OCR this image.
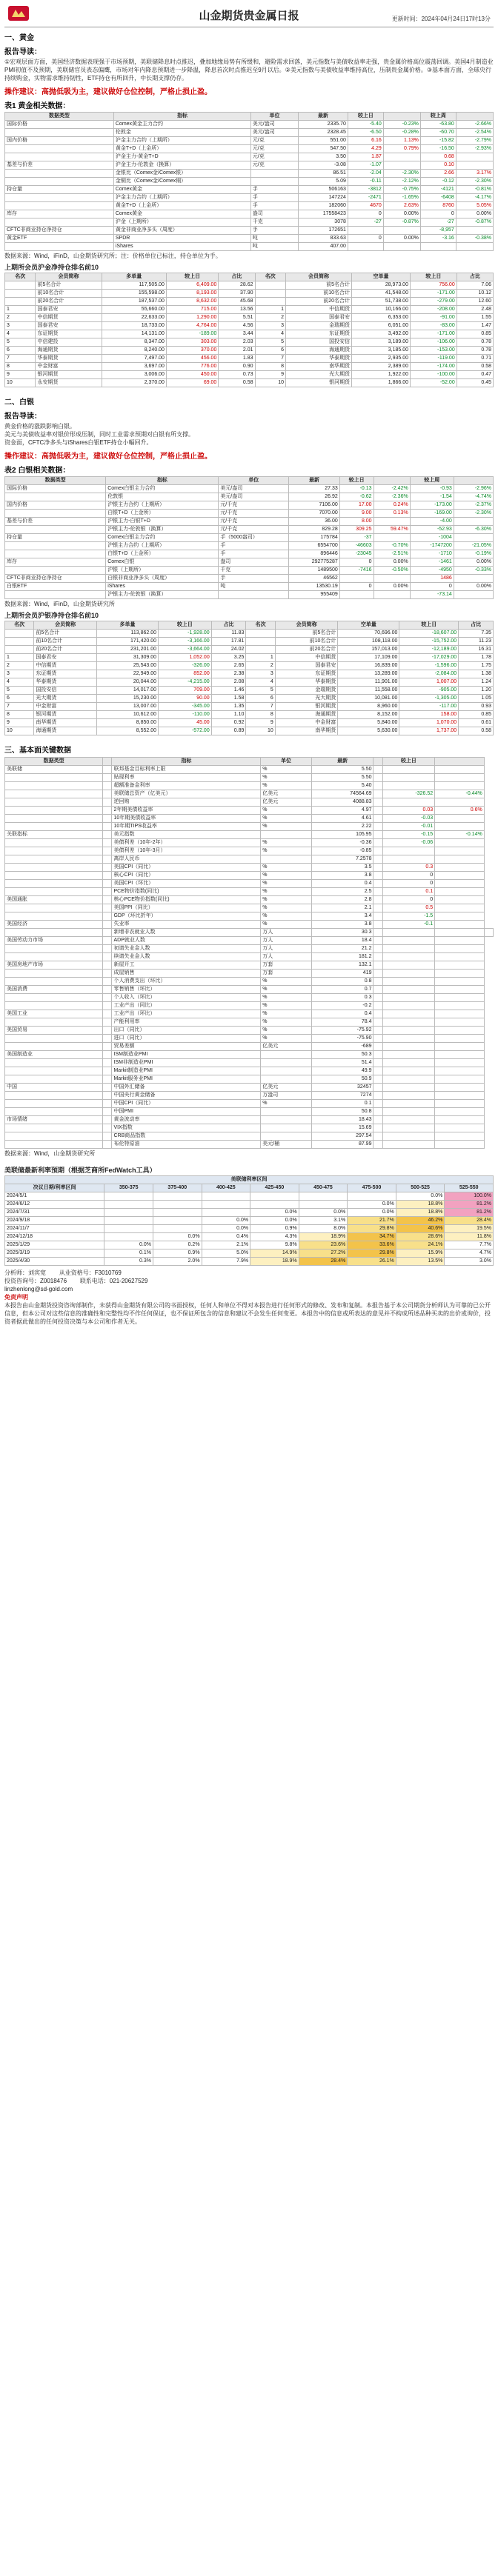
山金期货贵金属日报	更新时间：2024年04月24日17时13分
一、黄金
报告导读：

①宏观层面方面，美国经济数据表现强于市场预期，美联储降息时点推迟，叠加地缘局势有所缓和，避险需求回落，美元指数与美债收益率走强，贵金属价格高位震荡回调。美国4月制造业PMI初值不及预期，美联储官员表态偏鹰，市场对年内降息预期进一步降温，降息首次时点推迟至9月以后。②美元指数与美债收益率维持高位，压制贵金属价格。③基本面方面，全球央行持续购金，实物需求维持韧性，ETF持仓有所回升，中长期支撑仍存。

操作建议：高抛低吸为主，建议做好仓位控制，严格止损止盈。
表1 黄金相关数据：
数据类型	指标	单位	最新	较上日		较上周	
国际价格	Comex黄金主力合约	美元/盎司	2335.70	-5.40	-0.23%	-63.80	-2.66%
	伦敦金	美元/盎司	2328.45	-6.50	-0.28%	-60.70	-2.54%
国内价格	沪金主力合约（上期所）	元/克	551.00	6.16	1.13%	-15.82	-2.79%
	黄金T+D（上金所）	元/克	547.50	4.29	0.79%	-16.50	-2.93%
	沪金主力-黄金T+D	元/克	3.50	1.87		0.68	
基差与价差	沪金主力-伦敦金（换算）	元/克	-3.08	-1.07		0.10	
	金银比（Comex金/Comex银）		86.51	-2.04	-2.30%	2.66	3.17%
	金铜比（Comex金/Comex铜）		5.09	-0.11	-2.12%	-0.12	-2.30%
持仓量	Comex黄金	手	506163	-3812	-0.75%	-4121	-0.81%
	沪金主力合约（上期所）	手	147224	-2471	-1.65%	-6408	-4.17%
	黄金T+D（上金所）	手	182060	4670	2.63%	8760	5.05%
库存	Comex黄金	盎司	17558423	0	0.00%	0	0.00%
	沪金（上期所）	千克	3078	-27	-0.87%	-27	-0.87%
CFTC非商业持仓净持仓	黄金非商业净多头（周度）	手	172651			-8,957	
黄金ETF	SPDR	吨	833.63	0	0.00%	-3.16	-0.38%
	iShares	吨	407.00				

数据来源：Wind，iFinD，山金期货研究所；注：价格单位已标注，持仓单位为手。

上期所会员沪金净持仓排名前10
名次	会员简称	多单量	较上日	占比	名次	会员简称	空单量	较上日	占比
	前5名合计	117,505.00	6,409.00	28.62		前5名合计	28,973.00	756.00	7.06
	前10名合计	155,598.00	8,193.00	37.90		前10名合计	41,548.00	-171.00	10.12
	前20名合计	187,537.00	8,632.00	45.68		前20名合计	51,738.00	-279.00	12.60
1	国泰君安	55,660.00	715.00	13.56	1	中信期货	10,166.00	-208.00	2.48
2	中信期货	22,633.00	1,290.00	5.51	2	国泰君安	6,353.00	-91.00	1.55
3	国泰君安	18,733.00	4,764.00	4.56	3	金瑞期货	6,051.00	-83.00	1.47
4	东证期货	14,131.00	-189.00	3.44	4	东证期货	3,492.00	-171.00	0.85
5	中信建投	8,347.00	303.00	2.03	5	国投安信	3,189.00	-106.00	0.78
6	海通期货	8,240.00	370.00	2.01	6	海通期货	3,185.00	-153.00	0.78
7	华泰期货	7,497.00	456.00	1.83	7	华泰期货	2,935.00	-119.00	0.71
8	中金财富	3,697.00	776.00	0.90	8	南华期货	2,389.00	-174.00	0.58
9	银河期货	3,006.00	450.00	0.73	9	光大期货	1,922.00	-100.00	0.47
10	永安期货	2,370.00	69.00	0.58	10	银河期货	1,866.00	-52.00	0.45
二、白银
报告导读：

黄金价格的涨跌影响白银。
美元与美债收益率对银价形成压制，同时工业需求预期对白银有所支撑。
资金面，CFTC净多头与iShares白银ETF持仓小幅回升。

操作建议：高抛低吸为主，建议做好仓位控制，严格止损止盈。
表2 白银相关数据：
数据类型	指标	单位	最新	较上日		较上周	
国际价格	Comex白银主力合约	美元/盎司	27.33	-0.13	-2.42%	-0.93	-2.96%
	伦敦银	美元/盎司	26.92	-0.62	-2.36%	-1.54	-4.74%
国内价格	沪银主力合约（上期所）	元/千克	7106.00	17.00	0.24%	-173.00	-2.37%
	白银T+D（上金所）	元/千克	7070.00	9.00	0.13%	-169.00	-2.30%
基差与价差	沪银主力-白银T+D	元/千克	36.00	8.00		-4.00	
	沪银主力-伦敦银（换算）	元/千克	829.28	309.25	59.47%	-52.93	-6.30%
持仓量	Comex白银主力合约	手（5000盎司）	175784	-37		-1004	
	沪银主力合约（上期所）	手	6554700	-46603	-0.70%	-1747200	-21.05%
	白银T+D（上金所）	手	896446	-23045	-2.51%	-1710	-0.19%
库存	Comex白银	盎司	292775287	0	0.00%	-1461	0.00%
	沪银（上期所）	千克	1489500	-7416	-0.50%	-4950	-0.33%
CFTC非商业持仓净持仓	白银非商业净多头（周度）	手	46562			1486	
白银ETF	iShares	吨	13530.19	0	0.00%	0	0.00%
	沪银主力-伦敦银（换算）		955409			-73.14	

数据来源：Wind，iFinD，山金期货研究所

上期所会员沪银净持仓排名前10
名次	会员简称	多单量	较上日	占比	名次	会员简称	空单量	较上日	占比
	前5名合计	113,862.00	-1,928.00	11.83		前5名合计	70,696.00	-18,607.00	7.35
	前10名合计	171,420.00	-3,166.00	17.81		前10名合计	108,118.00	-15,752.00	11.23
	前20名合计	231,201.00	-3,664.00	24.02		前20名合计	157,013.00	-12,189.00	16.31
1	国泰君安	31,309.00	1,052.00	3.25	1	中信期货	17,109.00	-17,029.00	1.78
2	中信期货	25,543.00	-326.00	2.65	2	国泰君安	16,839.00	-1,596.00	1.75
3	东证期货	22,949.00	852.00	2.38	3	东证期货	13,289.00	-2,084.00	1.38
4	华泰期货	20,044.00	-4,215.00	2.08	4	华泰期货	11,901.00	1,007.00	1.24
5	国投安信	14,017.00	709.00	1.46	5	金瑞期货	11,558.00	-905.00	1.20
6	光大期货	15,230.00	90.00	1.58	6	光大期货	10,081.00	-1,305.00	1.05
7	中金财富	13,007.00	-345.00	1.35	7	银河期货	8,960.00	-117.00	0.93
8	银河期货	10,612.00	-110.00	1.10	8	海通期货	8,152.00	158.00	0.85
9	南华期货	8,850.00	45.00	0.92	9	中金财富	5,840.00	1,070.00	0.61
10	海通期货	8,552.00	-572.00	0.89	10	南华期货	5,630.00	1,737.00	0.58
三、基本面关键数据
数据类型		指标	单位	最新		较上日		
美联储		联邦基金目标利率上限	%	5.50				
		贴现利率	%	5.50				
		超额准备金利率	%	5.40				
		美联储总资产（亿美元）	亿美元	74564.69		-326.52	-0.44%	
		逆回购	亿美元	4088.83				
		2年期美债收益率	%	4.97		0.03	0.6%	
		10年期美债收益率	%	4.61		-0.03		
		10年期TIPS收益率	%	2.22		-0.01		
关联指标		美元指数		105.95		-0.15	-0.14%	
		美债利差（10年-2年）	%	-0.36		-0.06		
		美债利差（10年-3月）	%	-0.85				
		离岸人民币		7.2578				
		美国CPI（同比）	%	3.5		0.3		
		核心CPI（同比）	%	3.8		0		
		美国CPI（环比）	%	0.4		0		
		PCE物价指数(同比)	%	2.5		0.1		
美国通胀		核心PCE物价指数(同比)	%	2.8		0		
		美国PPI（同比）	%	2.1		0.5		
		GDP（环比折年）	%	3.4		-1.5		
美国经济		失业率	%	3.8		-0.1		
		新增非农就业人数	万人	30.3				
美国劳动力市场		ADP就业人数	万人	18.4				
		初请失业金人数	万人	21.2				
		续请失业金人数	万人	181.2				
美国房地产市场		新屋开工	万套	132.1				
		成屋销售	万套	419				
		个人消费支出（环比）	%	0.8				
美国消费		零售销售（环比）	%	0.7				
		个人收入（环比）	%	0.3				
		工业产出（同比）	%	-0.2				
美国工业		工业产出（环比）	%	0.4				
		产能利用率	%	78.4				
美国贸易		出口（同比）	%	-75.92				
		进口（同比）	%	-75.90				
		贸易差额	亿美元	-689				
美国制造业		ISM制造业PMI		50.3				
		ISM非制造业PMI		51.4				
		Markit制造业PMI		49.9				
		Markit服务业PMI		50.9				
中国		中国外汇储备	亿美元	32457				
		中国央行黄金储备	万盎司	7274				
		中国CPI（同比）	%	0.1				
		中国PMI		50.8				
市场情绪		黄金波动率		18.43				
		VIX指数		15.69				
		CRB商品指数		297.54				
		布伦特原油	美元/桶	87.99				

数据来源：Wind，山金期货研究所

美联储最新利率预期（根据芝商所FedWatch工具）
美联储利率区间								
决议日期/利率区间	350-375	375-400	400-425	425-450	450-475	475-500	500-525	525-550
2024/5/1							0.0%	100.0%
2024/6/12						0.0%	18.8%	81.2%
2024/7/31				0.0%	0.0%	0.0%	18.8%	81.2%
2024/9/18			0.0%	0.0%	3.1%	21.7%	46.2%	28.4%
2024/11/7			0.0%	0.9%	8.0%	29.8%	40.6%	19.5%
2024/12/18		0.0%	0.4%	4.3%	18.9%	34.7%	28.6%	11.8%
2025/1/29	0.0%	0.2%	2.1%	9.8%	23.6%	33.6%	24.1%	7.7%
2025/3/19	0.1%	0.9%	5.0%	14.9%	27.2%	29.8%	15.9%	4.7%
2025/4/30	0.3%	2.0%	7.9%	18.9%	28.4%	26.1%	13.5%	3.0%
分析师：刘宾宽 从业资格号：F3010769
投资咨询号：Z0018476 联系电话：021-20627529
linzhenlong@sd-gold.com
免责声明
本报告由山金期货投资咨询部制作，未获得山金期货有限公司的书面授权，任何人和单位不得对本报告进行任何形式的修改、发布和复制。本报告基于本公司期货分析师认为可靠的已公开信息，但本公司对这些信息的准确性和完整性均不作任何保证，也不保证所包含的信息和建议不会发生任何变更。本报告中的信息或所表达的意见并不构成所述品种买卖的出价或询价，投资者据此做出的任何投资决策与本公司和作者无关。
